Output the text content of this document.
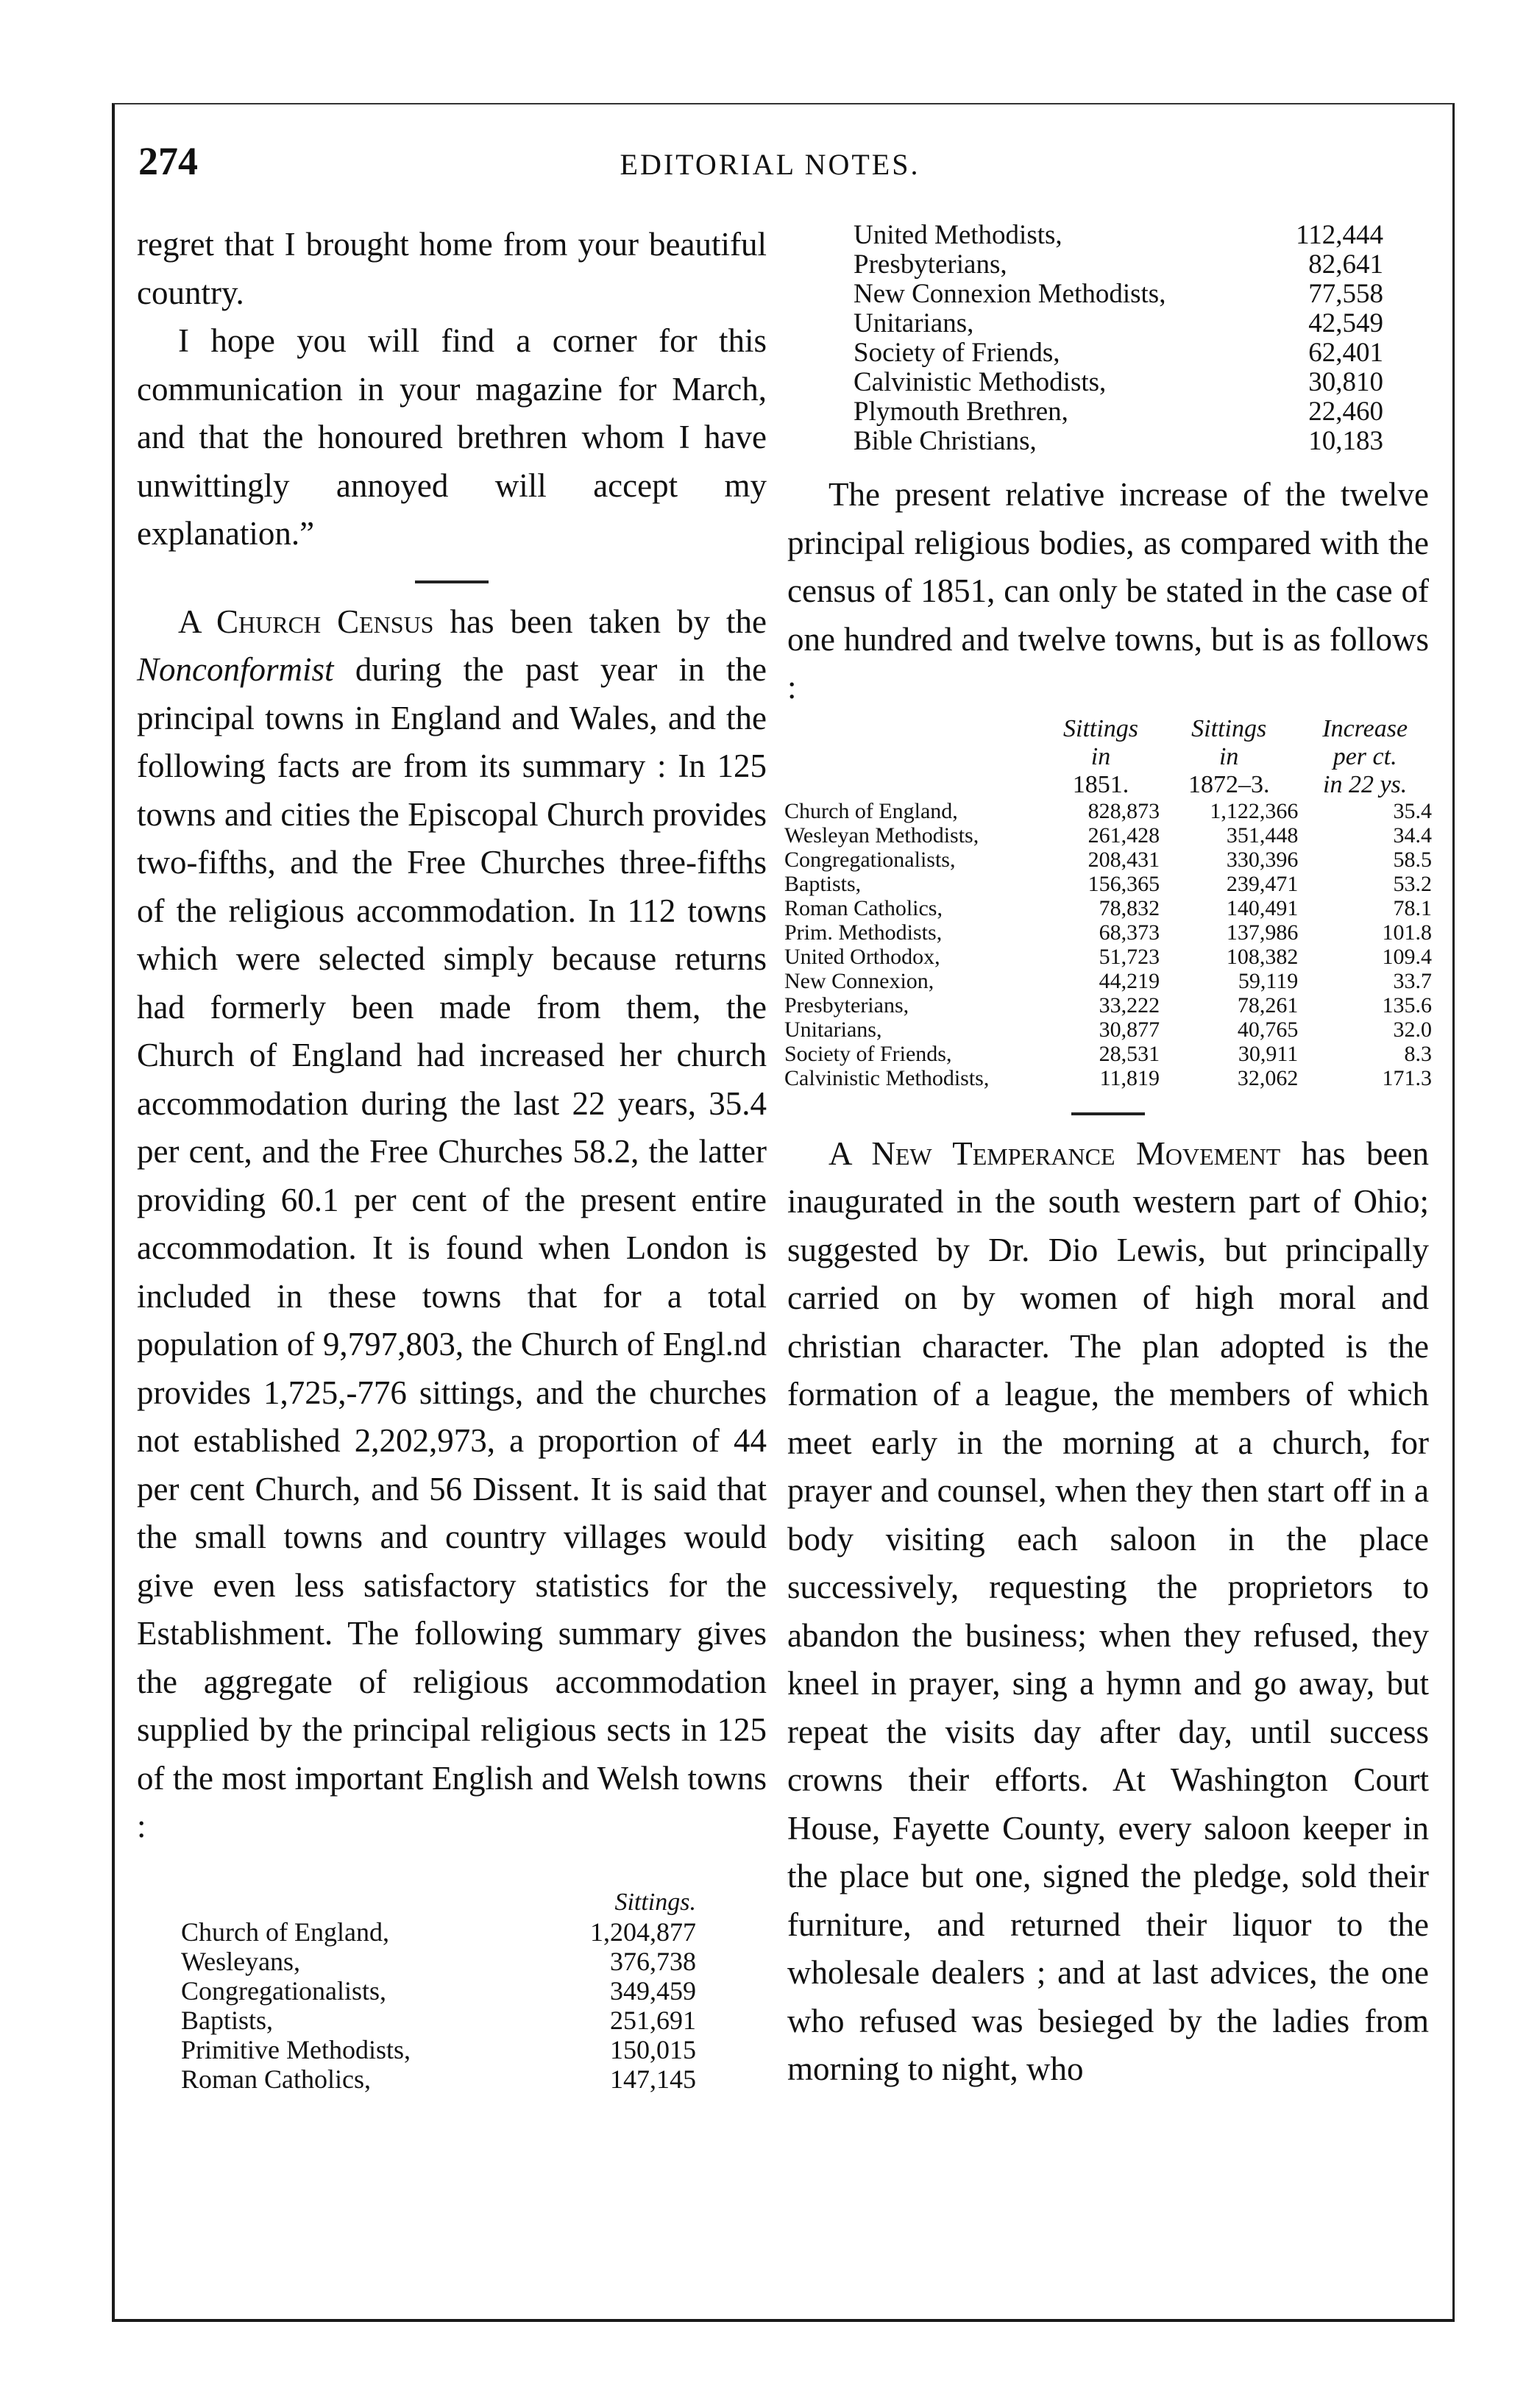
274	EDITORIAL NOTES.

regret that I brought home from your beautiful country.

I hope you will find a corner for this communication in your magazine for March, and that the honoured brethren whom I have unwittingly annoyed will accept my explanation.”

A Church Census has been taken by the Nonconformist during the past year in the principal towns in England and Wales, and the following facts are from its summary : In 125 towns and cities the Episcopal Church provides two-fifths, and the Free Churches three-fifths of the religious accommodation. In 112 towns which were selected simply because returns had formerly been made from them, the Church of England had increased her church accommodation during the last 22 years, 35.4 per cent, and the Free Churches 58.2, the latter providing 60.1 per cent of the present entire accommodation. It is found when London is included in these towns that for a total population of 9,797,803, the Church of Engl.nd provides 1,725,-776 sittings, and the churches not established 2,202,973, a proportion of 44 per cent Church, and 56 Dissent. It is said that the small towns and country villages would give even less satisfactory statistics for the Establishment. The following summary gives the aggregate of religious accommodation supplied by the principal religious sects in 125 of the most important English and Welsh towns :

	Sittings.
Church of England,	1,204,877
Wesleyans,	376,738
Congregationalists,	349,459
Baptists,	251,691
Primitive Methodists,	150,015
Roman Catholics,	147,145
United Methodists,	112,444
Presbyterians,	82,641
New Connexion Methodists,	77,558
Unitarians,	42,549
Society of Friends,	62,401
Calvinistic Methodists,	30,810
Plymouth Brethren,	22,460
Bible Christians,	10,183

The present relative increase of the twelve principal religious bodies, as compared with the census of 1851, can only be stated in the case of one hundred and twelve towns, but is as follows :

	Sittings	Sittings	Increase
	in	in	per ct.
	1851.	1872–3.	in 22 ys.
Church of England,	828,873	1,122,366	35.4
Wesleyan Methodists,	261,428	351,448	34.4
Congregationalists,	208,431	330,396	58.5
Baptists,	156,365	239,471	53.2
Roman Catholics,	78,832	140,491	78.1
Prim. Methodists,	68,373	137,986	101.8
United Orthodox,	51,723	108,382	109.4
New Connexion,	44,219	59,119	33.7
Presbyterians,	33,222	78,261	135.6
Unitarians,	30,877	40,765	32.0
Society of Friends,	28,531	30,911	8.3
Calvinistic Methodists,	11,819	32,062	171.3

A New Temperance Movement has been inaugurated in the south western part of Ohio; suggested by Dr. Dio Lewis, but principally carried on by women of high moral and christian character. The plan adopted is the formation of a league, the members of which meet early in the morning at a church, for prayer and counsel, when they then start off in a body visiting each saloon in the place successively, requesting the proprietors to abandon the business; when they refused, they kneel in prayer, sing a hymn and go away, but repeat the visits day after day, until success crowns their efforts. At Washington Court House, Fayette County, every saloon keeper in the place but one, signed the pledge, sold their furniture, and returned their liquor to the wholesale dealers ; and at last advices, the one who refused was besieged by the ladies from morning to night, who
